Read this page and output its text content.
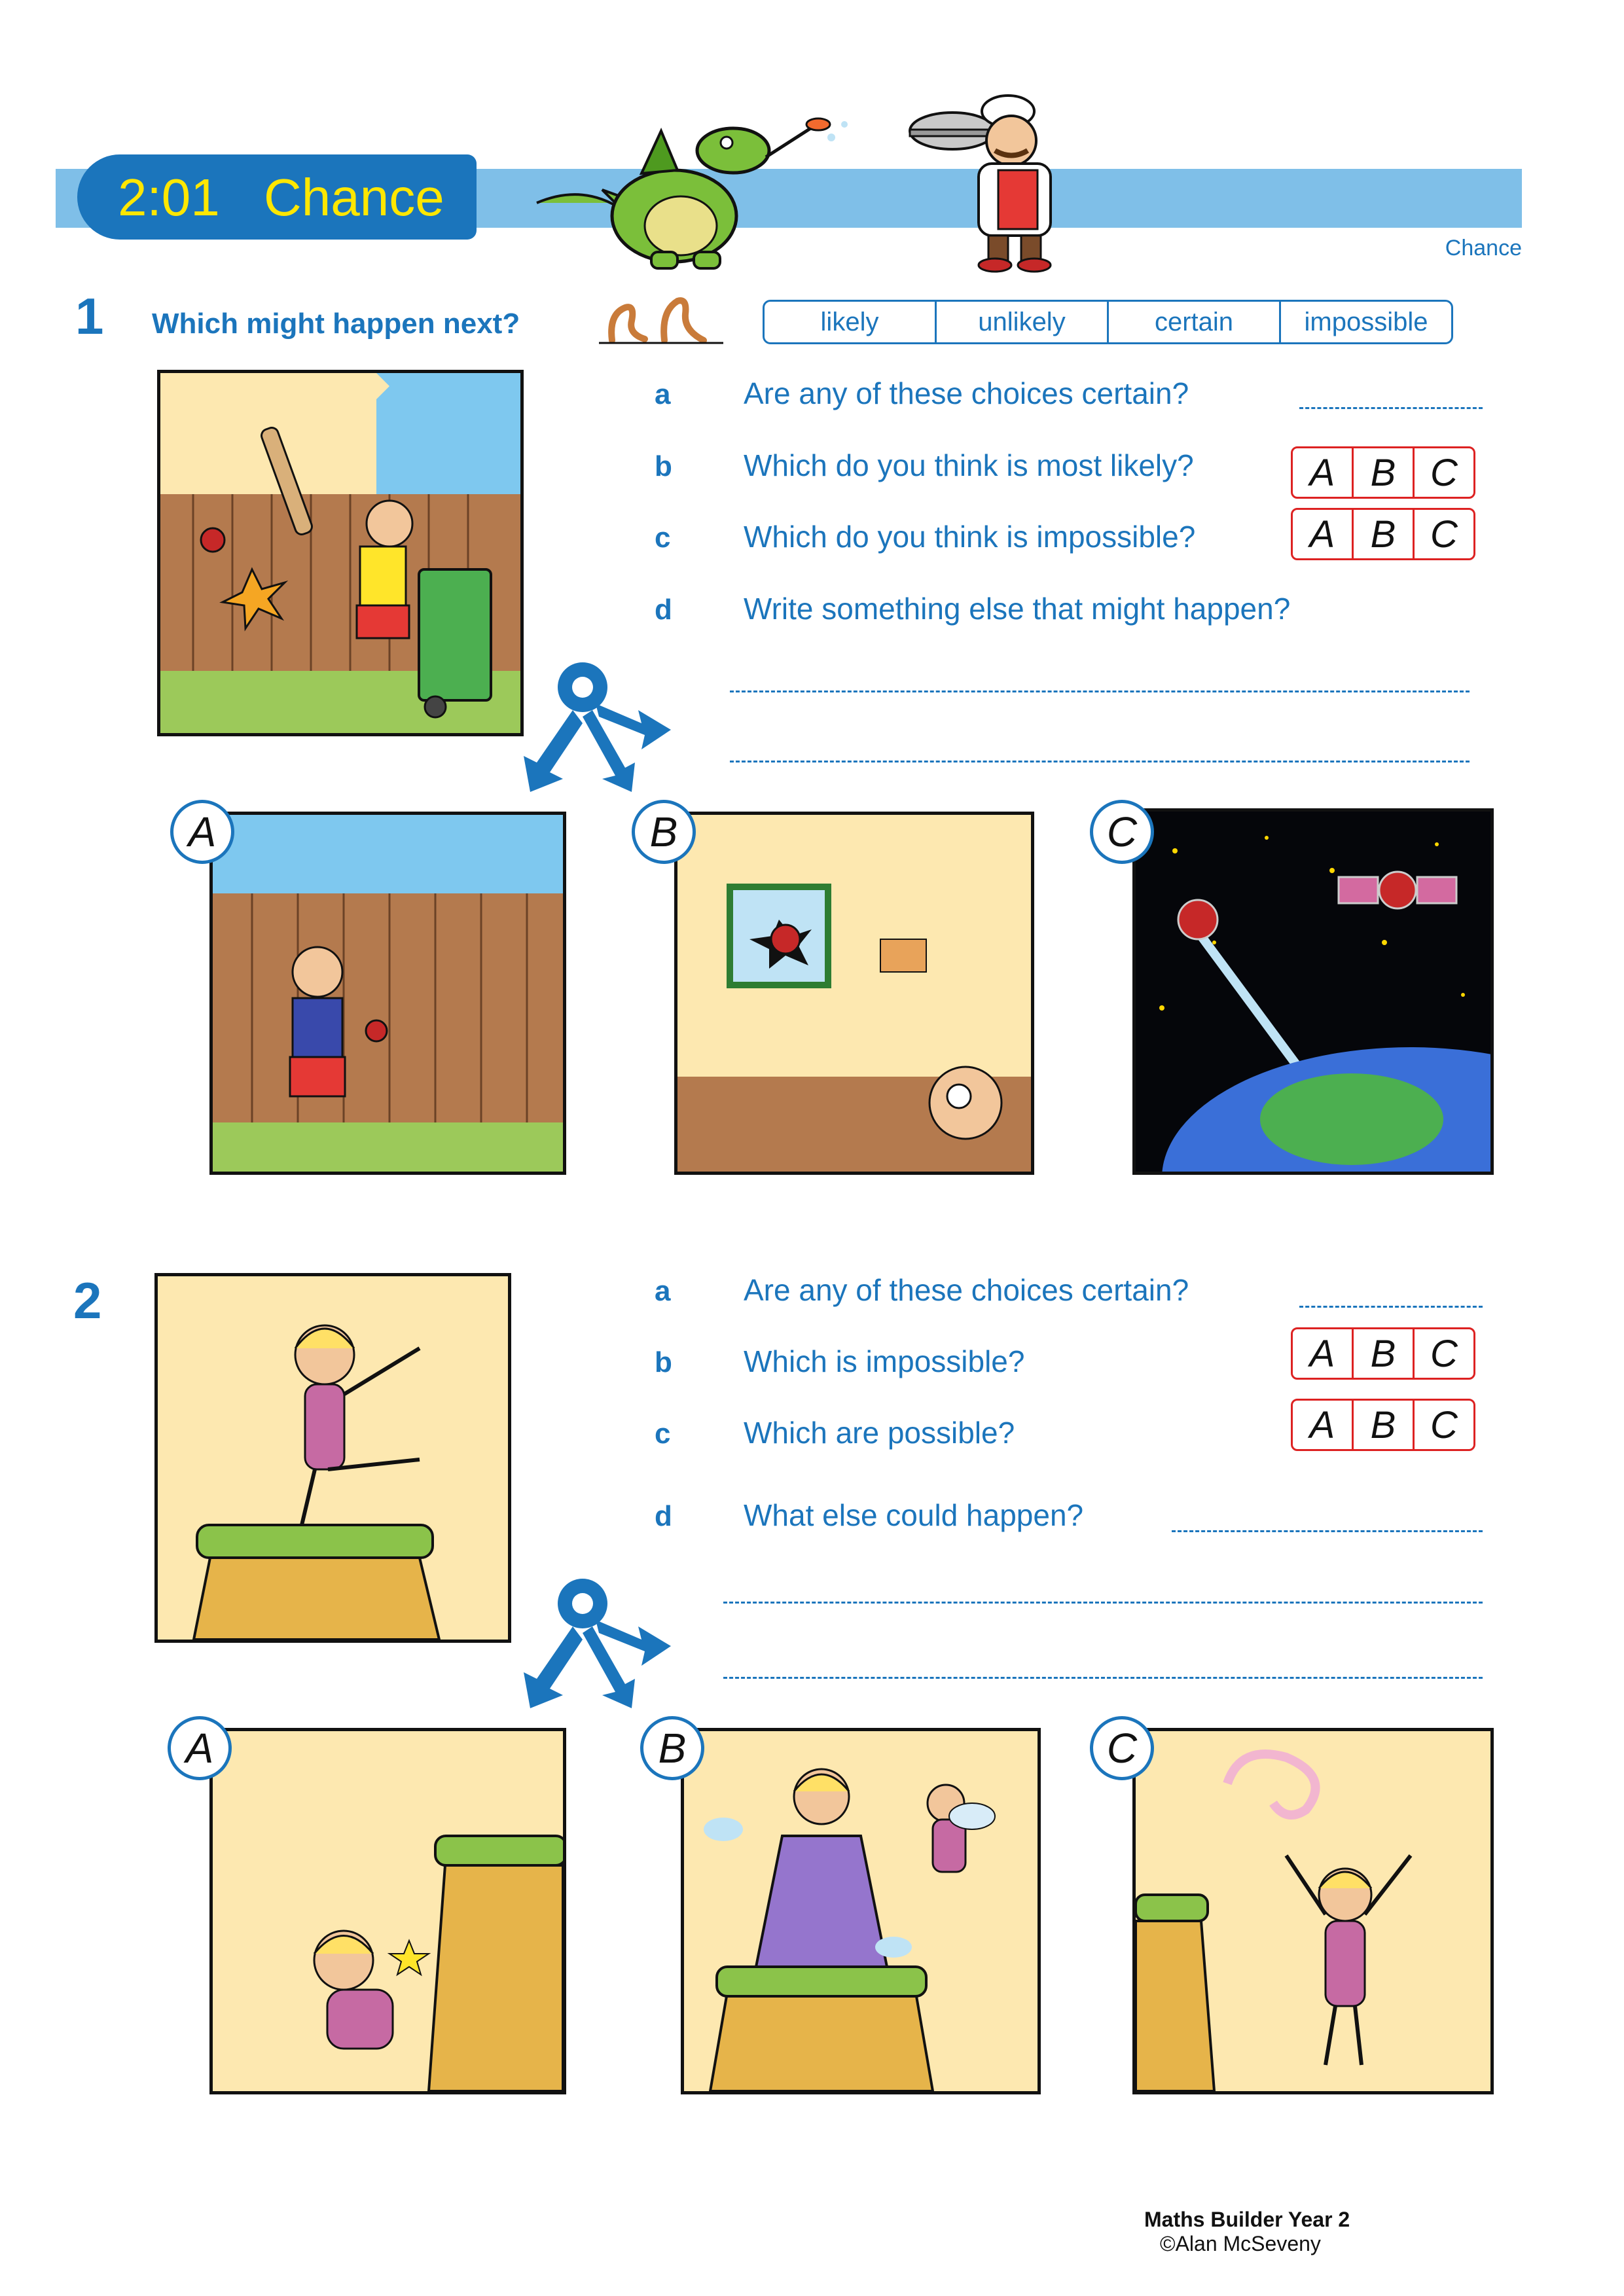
2:01 Chance
Chance
1 Which might happen next?	likely	unlikely	certain	impossible
a Are any of these choices certain?
b Which do you think is most likely?	A B C
c Which do you think is impossible?	A B C
d Write something else that might happen?
A	B	C
2	a Are any of these choices certain?
b Which is impossible?	A B C
c Which are possible?	A B C
d What else could happen?
A	B	C
Maths Builder Year 2
©Alan McSeveny
